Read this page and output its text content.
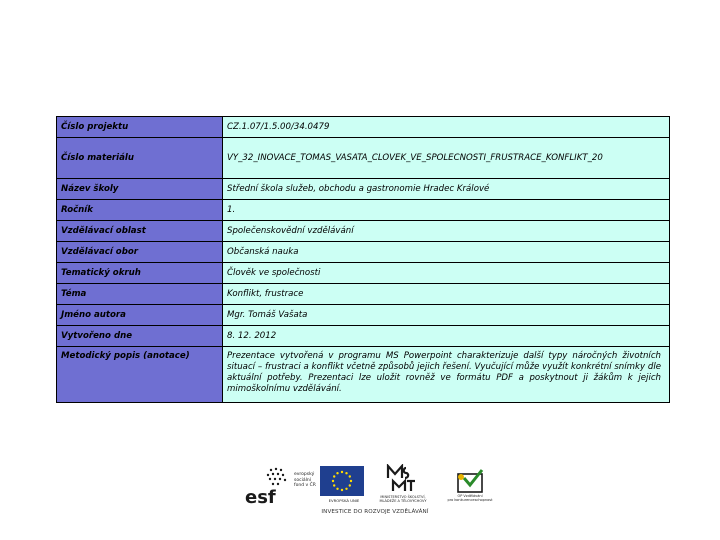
Číslo projektu	CZ.1.07/1.5.00/34.0479
Číslo materiálu	VY_32_INOVACE_TOMAS_VASATA_CLOVEK_VE_SPOLECNOSTI_FRUSTRACE_KONFLIKT_20
Název školy	Střední škola služeb, obchodu a gastronomie Hradec Králové
Ročník	1.
Vzdělávací oblast	Společenskovědní vzdělávání
Vzdělávací obor	Občanská nauka
Tematický okruh	Člověk ve společnosti
Téma	Konflikt, frustrace
Jméno autora	Mgr. Tomáš Vašata
Vytvořeno dne	8. 12. 2012
Metodický popis (anotace)	Prezentace vytvořená v programu MS Powerpoint charakterizuje další typy náročných životních situací – frustraci a konflikt včetně způsobů jejich řešení. Vyučující může využít konkrétní snímky dle aktuální potřeby. Prezentaci lze uložit rovněž ve formátu PDF a poskytnout ji žákům k jejich mimoškolnímu vzdělávání.
esf
evropský
sociální
fond v ČR
EVROPSKÁ UNIE
MINISTERSTVO ŠKOLSTVÍ,
MLÁDEŽE A TĚLOVÝCHOVY
OP Vzdělávání
pro konkurenceschopnost
INVESTICE DO ROZVOJE VZDĚLÁVÁNÍ
